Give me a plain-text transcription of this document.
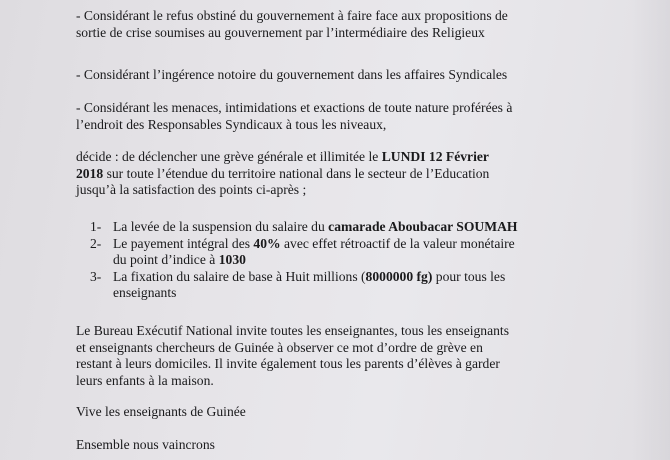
- Considérant le refus obstiné du gouvernement à faire face aux propositions de
sortie de crise soumises au gouvernement par l’intermédiaire des Religieux

- Considérant l’ingérence notoire du gouvernement dans les affaires Syndicales

- Considérant les menaces, intimidations et exactions de toute nature proférées à
l’endroit des Responsables Syndicaux à tous les niveaux,

décide : de déclencher une grève générale et illimitée le LUNDI 12 Février
2018 sur toute l’étendue du territoire national dans le secteur de l’Education
jusqu’à la satisfaction des points ci-après ;

1- La levée de la suspension du salaire du camarade Aboubacar SOUMAH
2- Le payement intégral des 40% avec effet rétroactif de la valeur monétaire
du point d’indice à 1030
3- La fixation du salaire de base à Huit millions (8000000 fg) pour tous les
enseignants

Le Bureau Exécutif National invite toutes les enseignantes, tous les enseignants
et enseignants chercheurs de Guinée à observer ce mot d’ordre de grève en
restant à leurs domiciles. Il invite également tous les parents d’élèves à garder
leurs enfants à la maison.

Vive les enseignants de Guinée

Ensemble nous vaincrons
